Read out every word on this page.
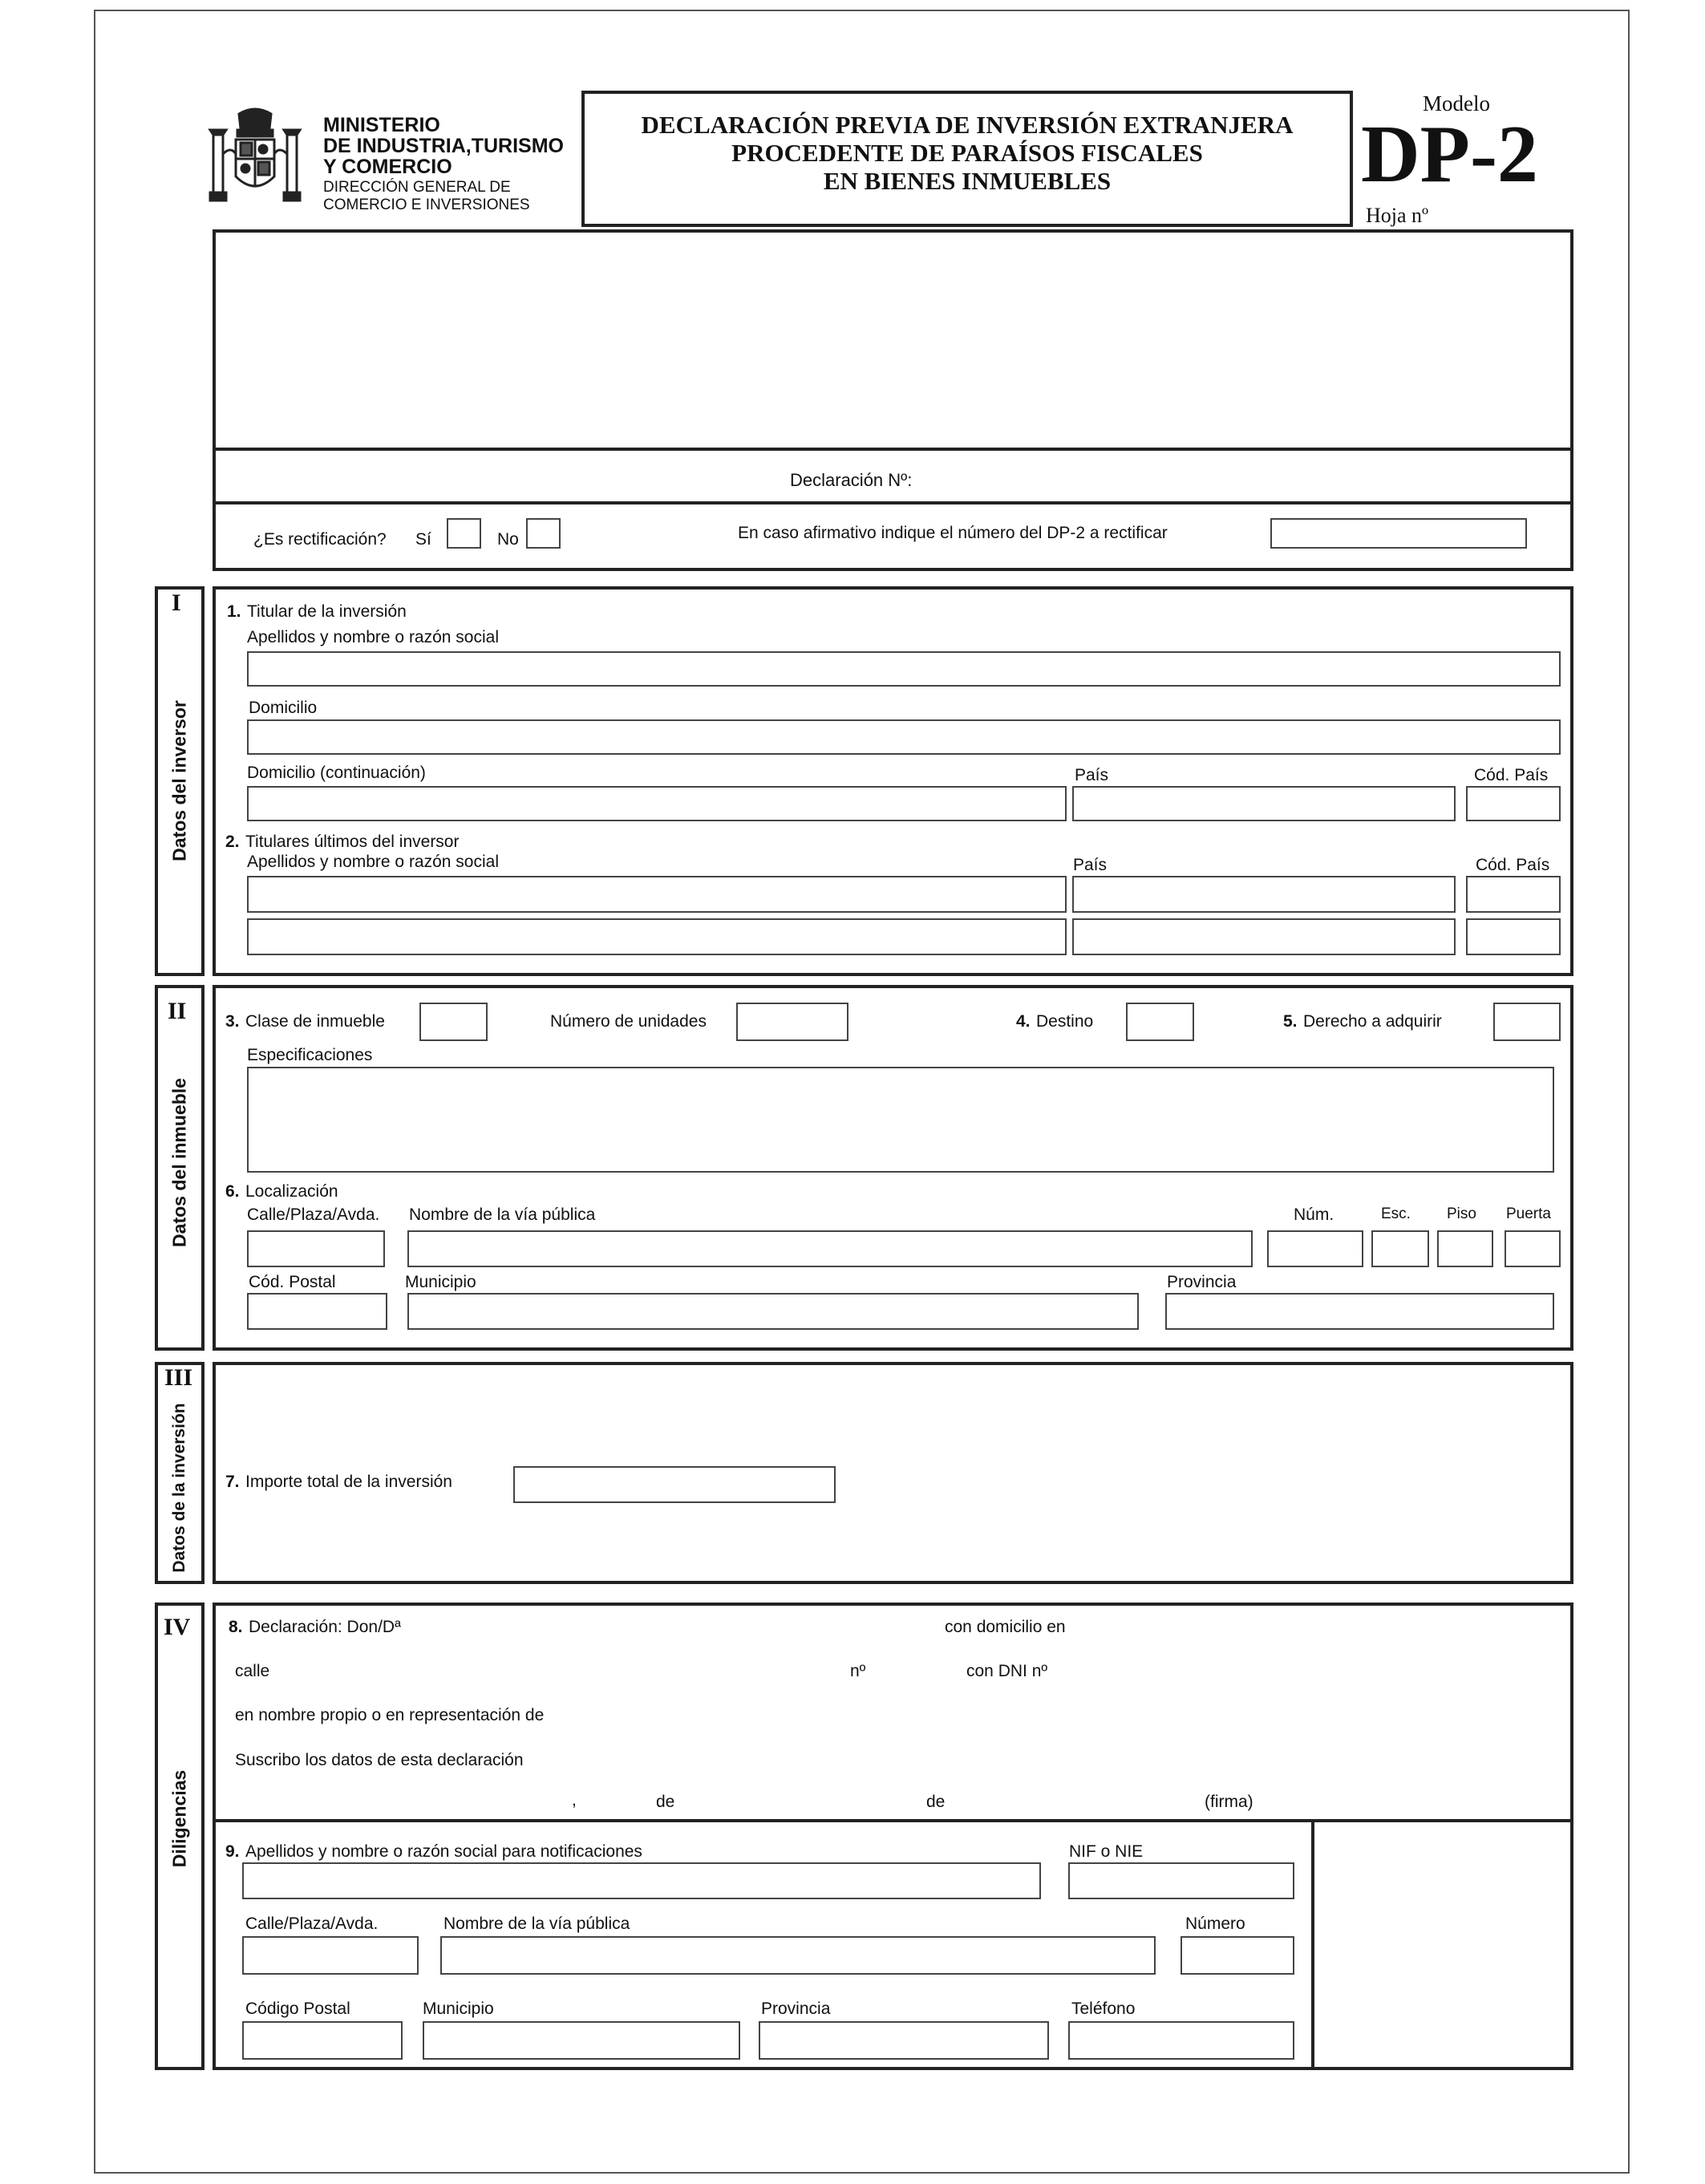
MINISTERIO
DE INDUSTRIA,TURISMO
Y COMERCIO
DIRECCIÓN GENERAL DE
COMERCIO E INVERSIONES
DECLARACIÓN PREVIA DE INVERSIÓN EXTRANJERA
PROCEDENTE DE PARAÍSOS FISCALES
EN BIENES INMUEBLES
Modelo
DP-2
Hoja nº
Declaración Nº:
¿Es rectificación? Sí	No	En caso afirmativo indique el número del DP-2 a rectificar
I
Datos del inversor
1. Titular de la inversión
Apellidos y nombre o razón social
Domicilio
Domicilio (continuación)	País	Cód. País
2. Titulares últimos del inversor
Apellidos y nombre o razón social	País	Cód. País
II
Datos del inmueble
3. Clase de inmueble	Número de unidades	4. Destino	5. Derecho a adquirir
Especificaciones
6. Localización
Calle/Plaza/Avda. Nombre de la vía pública	Núm.	Esc. Piso Puerta
Cód. Postal	Municipio	Provincia
III
Datos de la inversión 7. Importe total de la inversión
IV
Diligencias
8. Declaración: Don/Dª	con domicilio en
calle	nº	con DNI nº
en nombre propio o en representación de
Suscribo los datos de esta declaración
,	de	de	(firma)
9. Apellidos y nombre o razón social para notificaciones	NIF o NIE
Calle/Plaza/Avda.	Nombre de la vía pública	Número
Código Postal	Municipio	Provincia	Teléfono
